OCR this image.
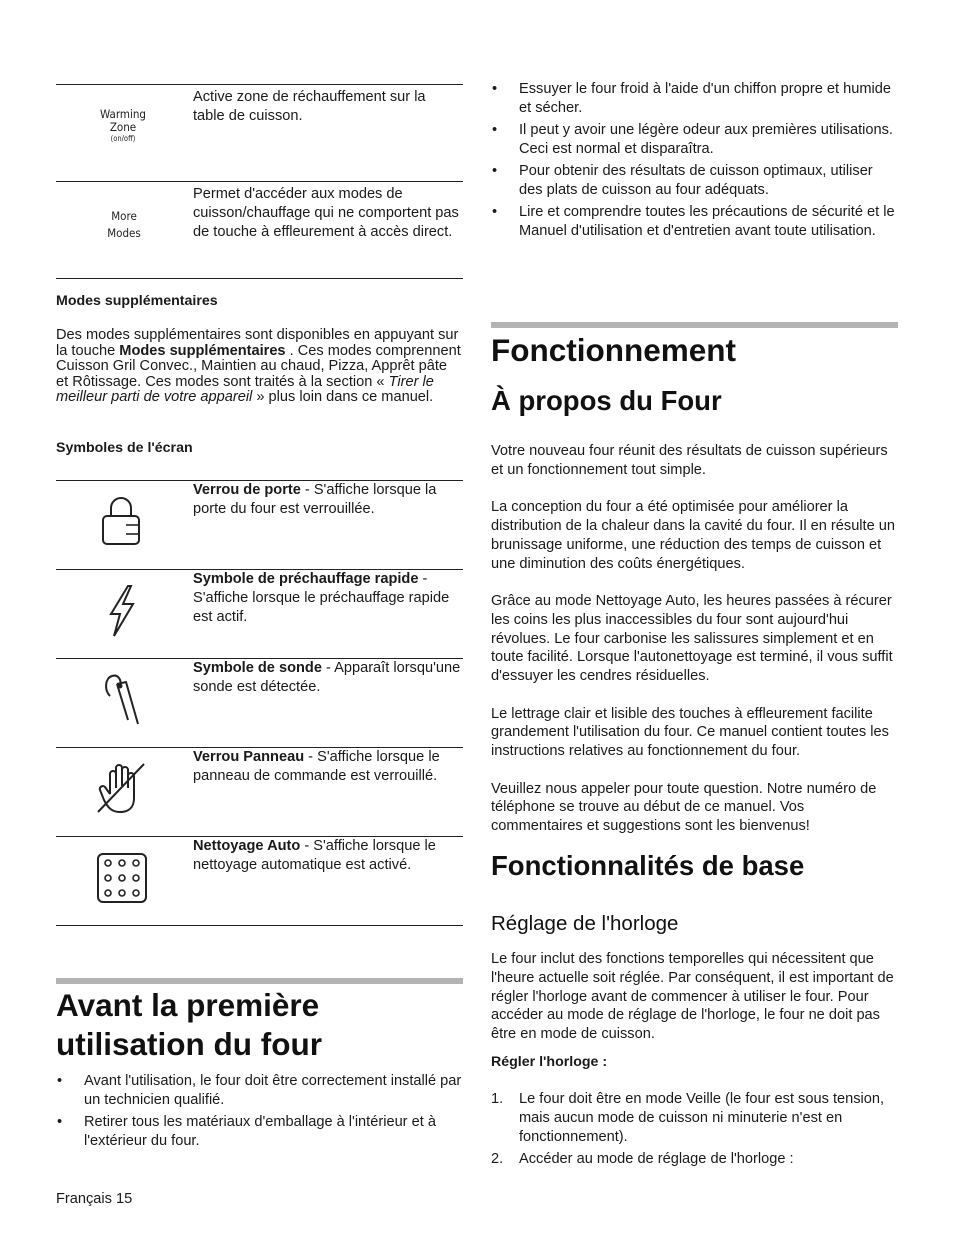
Warming
Zone
(on/off)
Active zone de réchauffement sur la table de cuisson.
More
Modes
Permet d'accéder aux modes de cuisson/chauffage qui ne comportent pas de touche à effleurement à accès direct.
Modes supplémentaires

Des modes supplémentaires sont disponibles en appuyant sur la touche Modes supplémentaires . Ces modes comprennent Cuisson Gril Convec., Maintien au chaud, Pizza, Apprêt pâte et Rôtissage. Ces modes sont traités à la section « Tirer le meilleur parti de votre appareil » plus loin dans ce manuel.

Symboles de l'écran
Verrou de porte - S'affiche lorsque la porte du four est verrouillée.
Symbole de préchauffage rapide - S'affiche lorsque le préchauffage rapide est actif.
Symbole de sonde - Apparaît lorsqu'une sonde est détectée.
Verrou Panneau - S'affiche lorsque le panneau de commande est verrouillé.
Nettoyage Auto - S'affiche lorsque le nettoyage automatique est activé.
Avant la première
utilisation du four
• Avant l'utilisation, le four doit être correctement installé par un technicien qualifié.
• Retirer tous les matériaux d'emballage à l'intérieur et à l'extérieur du four.
Français 15
• Essuyer le four froid à l'aide d'un chiffon propre et humide et sécher.
• Il peut y avoir une légère odeur aux premières utilisations. Ceci est normal et disparaîtra.
• Pour obtenir des résultats de cuisson optimaux, utiliser des plats de cuisson au four adéquats.
• Lire et comprendre toutes les précautions de sécurité et le Manuel d'utilisation et d'entretien avant toute utilisation.
Fonctionnement
À propos du Four

Votre nouveau four réunit des résultats de cuisson supérieurs et un fonctionnement tout simple.

La conception du four a été optimisée pour améliorer la distribution de la chaleur dans la cavité du four. Il en résulte un brunissage uniforme, une réduction des temps de cuisson et une diminution des coûts énergétiques.

Grâce au mode Nettoyage Auto, les heures passées à récurer les coins les plus inaccessibles du four sont aujourd'hui révolues. Le four carbonise les salissures simplement et en toute facilité. Lorsque l'autonettoyage est terminé, il vous suffit d'essuyer les cendres résiduelles.

Le lettrage clair et lisible des touches à effleurement facilite grandement l'utilisation du four. Ce manuel contient toutes les instructions relatives au fonctionnement du four.

Veuillez nous appeler pour toute question. Notre numéro de téléphone se trouve au début de ce manuel. Vos commentaires et suggestions sont les bienvenus!

Fonctionnalités de base
Réglage de l'horloge

Le four inclut des fonctions temporelles qui nécessitent que l'heure actuelle soit réglée. Par conséquent, il est important de régler l'horloge avant de commencer à utiliser le four. Pour accéder au mode de réglage de l'horloge, le four ne doit pas être en mode de cuisson.

Régler l'horloge :
1. Le four doit être en mode Veille (le four est sous tension, mais aucun mode de cuisson ni minuterie n'est en fonctionnement).
2. Accéder au mode de réglage de l'horloge :
